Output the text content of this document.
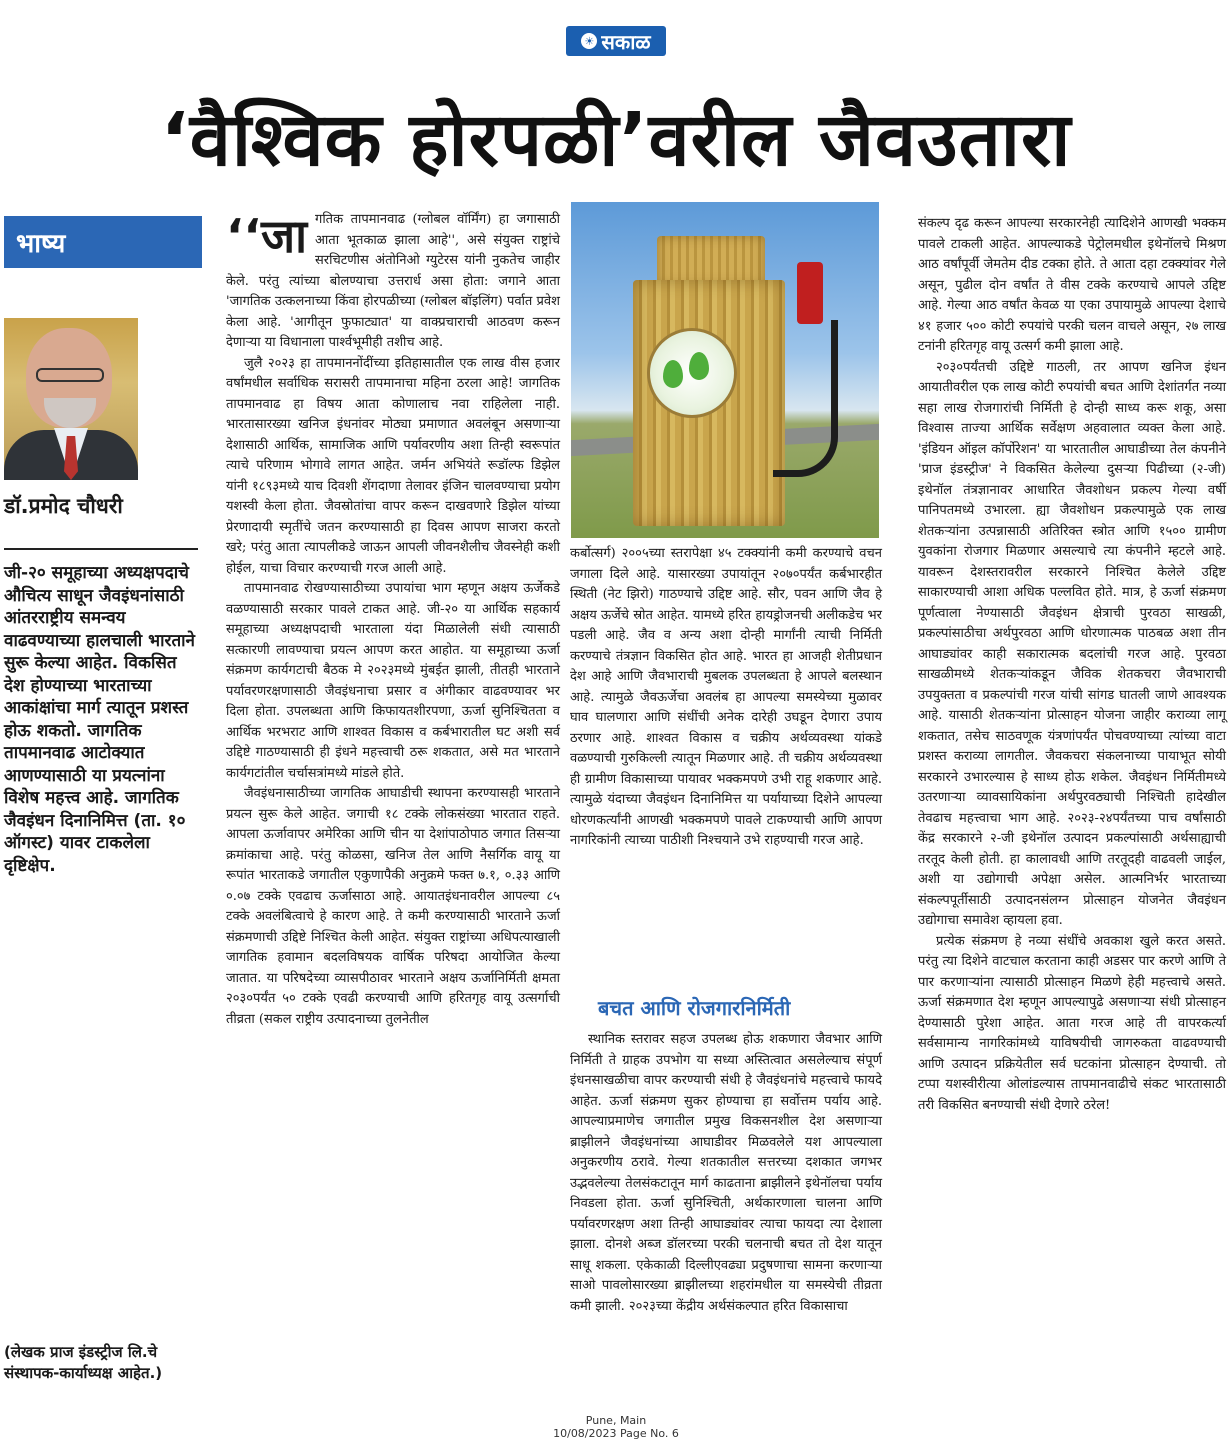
☀ सकाळ
‘वैश्विक होरपळी’वरील जैवउतारा
भाष्य
डॉ.प्रमोद चौधरी
जी-२० समूहाच्या अध्यक्षपदाचे औचित्य साधून जैवइंधनांसाठी आंतरराष्ट्रीय समन्वय वाढवण्याच्या हालचाली भारताने सुरू केल्या आहेत. विकसित देश होण्याच्या भारताच्या आकांक्षांचा मार्ग त्यातून प्रशस्त होऊ शकतो. जागतिक तापमानवाढ आटोक्यात आणण्यासाठी या प्रयत्नांना विशेष महत्त्व आहे. जागतिक जैवइंधन दिनानिमित्त (ता. १० ऑगस्ट) यावर टाकलेला दृष्टिक्षेप.
(लेखक प्राज इंडस्ट्रीज लि.चे संस्थापक-कार्याध्यक्ष आहेत.)

‘‘जा गतिक तापमानवाढ (ग्लोबल वॉर्मिंग) हा जगासाठी आता भूतकाळ झाला आहे'', असे संयुक्त राष्ट्रांचे सरचिटणीस अंतोनिओ ग्युटेरस यांनी नुकतेच जाहीर केले. परंतु त्यांच्या बोलण्याचा उत्तरार्ध असा होता: जगाने आता 'जागतिक उत्कलनाच्या किंवा होरपळीच्या (ग्लोबल बॉइलिंग) पर्वात प्रवेश केला आहे. 'आगीतून फुफाट्यात' या वाक्प्रचाराची आठवण करून देणाऱ्या या विधानाला पार्श्वभूमीही तशीच आहे.

जुलै २०२३ हा तापमाननोंदींच्या इतिहासातील एक लाख वीस हजार वर्षांमधील सर्वाधिक सरासरी तापमानाचा महिना ठरला आहे! जागतिक तापमानवाढ हा विषय आता कोणालाच नवा राहिलेला नाही. भारतासारख्या खनिज इंधनांवर मोठ्या प्रमाणात अवलंबून असणाऱ्या देशासाठी आर्थिक, सामाजिक आणि पर्यावरणीय अशा तिन्ही स्वरूपांत त्याचे परिणाम भोगावे लागत आहेत. जर्मन अभियंते रूडॉल्फ डिझेल यांनी १८९३मध्ये याच दिवशी शेंगदाणा तेलावर इंजिन चालवण्याचा प्रयोग यशस्वी केला होता. जैवस्रोतांचा वापर करून दाखवणारे डिझेल यांच्या प्रेरणादायी स्मृतींचे जतन करण्यासाठी हा दिवस आपण साजरा करतो खरे; परंतु आता त्यापलीकडे जाऊन आपली जीवनशैलीच जैवस्नेही कशी होईल, याचा विचार करण्याची गरज आली आहे.

तापमानवाढ रोखण्यासाठीच्या उपायांचा भाग म्हणून अक्षय ऊर्जेकडे वळण्यासाठी सरकार पावले टाकत आहे. जी-२० या आर्थिक सहकार्य समूहाच्या अध्यक्षपदाची भारताला यंदा मिळालेली संधी त्यासाठी सत्कारणी लावण्याचा प्रयत्न आपण करत आहोत. या समूहाच्या ऊर्जा संक्रमण कार्यगटाची बैठक मे २०२३मध्ये मुंबईत झाली, तीतही भारताने पर्यावरणरक्षणासाठी जैवइंधनाचा प्रसार व अंगीकार वाढवण्यावर भर दिला होता. उपलब्धता आणि किफायतशीरपणा, ऊर्जा सुनिश्चितता व आर्थिक भरभराट आणि शाश्वत विकास व कर्बभारातील घट अशी सर्व उद्दिष्टे गाठण्यासाठी ही इंधने महत्त्वाची ठरू शकतात, असे मत भारताने कार्यगटांतील चर्चासत्रांमध्ये मांडले होते.

जैवइंधनासाठीच्या जागतिक आघाडीची स्थापना करण्यासही भारताने प्रयत्न सुरू केले आहेत. जगाची १८ टक्के लोकसंख्या भारतात राहते. आपला ऊर्जावापर अमेरिका आणि चीन या देशांपाठोपाठ जगात तिसऱ्या क्रमांकाचा आहे. परंतु कोळसा, खनिज तेल आणि नैसर्गिक वायू या रूपांत भारताकडे जगातील एकुणापैकी अनुक्रमे फक्त ७.१, ०.३३ आणि ०.०७ टक्के एवढाच ऊर्जासाठा आहे. आयातइंधनावरील आपल्या ८५ टक्के अवलंबित्वाचे हे कारण आहे. ते कमी करण्यासाठी भारताने ऊर्जा संक्रमणाची उद्दिष्टे निश्चित केली आहेत. संयुक्त राष्ट्रांच्या अधिपत्याखाली जागतिक हवामान बदलविषयक वार्षिक परिषदा आयोजित केल्या जातात. या परिषदेच्या व्यासपीठावर भारताने अक्षय ऊर्जानिर्मिती क्षमता २०३०पर्यंत ५० टक्के एवढी करण्याची आणि हरितगृह वायू उत्सर्गाची तीव्रता (सकल राष्ट्रीय उत्पादनाच्या तुलनेतील

कर्बोत्सर्ग) २००५च्या स्तरापेक्षा ४५ टक्क्यांनी कमी करण्याचे वचन जगाला दिले आहे. यासारख्या उपायांतून २०७०पर्यंत कर्बभारहीत स्थिती (नेट झिरो) गाठण्याचे उद्दिष्ट आहे. सौर, पवन आणि जैव हे अक्षय ऊर्जेचे स्रोत आहेत. यामध्ये हरित हायड्रोजनची अलीकडेच भर पडली आहे. जैव व अन्य अशा दोन्ही मार्गांनी त्याची निर्मिती करण्याचे तंत्रज्ञान विकसित होत आहे. भारत हा आजही शेतीप्रधान देश आहे आणि जैवभाराची मुबलक उपलब्धता हे आपले बलस्थान आहे. त्यामुळे जैवऊर्जेचा अवलंब हा आपल्या समस्येच्या मुळावर घाव घालणारा आणि संधींची अनेक दारेही उघडून देणारा उपाय ठरणार आहे. शाश्वत विकास व चक्रीय अर्थव्यवस्था यांकडे वळण्याची गुरुकिल्ली त्यातून मिळणार आहे. ती चक्रीय अर्थव्यवस्था ही ग्रामीण विकासाच्या पायावर भक्कमपणे उभी राहू शकणार आहे. त्यामुळे यंदाच्या जैवइंधन दिनानिमित्त या पर्यायाच्या दिशेने आपल्या धोरणकर्त्यांनी आणखी भक्कमपणे पावले टाकण्याची आणि आपण नागरिकांनी त्याच्या पाठीशी निश्चयाने उभे राहण्याची गरज आहे.

बचत आणि रोजगारनिर्मिती

स्थानिक स्तरावर सहज उपलब्ध होऊ शकणारा जैवभार आणि निर्मिती ते ग्राहक उपभोग या सध्या अस्तित्वात असलेल्याच संपूर्ण इंधनसाखळीचा वापर करण्याची संधी हे जैवइंधनांचे महत्त्वाचे फायदे आहेत. ऊर्जा संक्रमण सुकर होण्याचा हा सर्वोत्तम पर्याय आहे. आपल्याप्रमाणेच जगातील प्रमुख विकसनशील देश असणाऱ्या ब्राझीलने जैवइंधनांच्या आघाडीवर मिळवलेले यश आपल्याला अनुकरणीय ठरावे. गेल्या शतकातील सत्तरच्या दशकात जगभर उद्भवलेल्या तेलसंकटातून मार्ग काढताना ब्राझीलने इथेनॉलचा पर्याय निवडला होता. ऊर्जा सुनिश्चिती, अर्थकारणाला चालना आणि पर्यावरणरक्षण अशा तिन्ही आघाड्यांवर त्याचा फायदा त्या देशाला झाला. दोनशे अब्ज डॉलरच्या परकी चलनाची बचत तो देश यातून साधू शकला. एकेकाळी दिल्लीएवढ्या प्रदुषणाचा सामना करणाऱ्या साओ पावलोसारख्या ब्राझीलच्या शहरांमधील या समस्येची तीव्रता कमी झाली. २०२३च्या केंद्रीय अर्थसंकल्पात हरित विकासाचा

संकल्प दृढ करून आपल्या सरकारनेही त्यादिशेने आणखी भक्कम पावले टाकली आहेत. आपल्याकडे पेट्रोलमधील इथेनॉलचे मिश्रण आठ वर्षांपूर्वी जेमतेम दीड टक्का होते. ते आता दहा टक्क्यांवर गेले असून, पुढील दोन वर्षांत ते वीस टक्के करण्याचे आपले उद्दिष्ट आहे. गेल्या आठ वर्षांत केवळ या एका उपायामुळे आपल्या देशाचे ४१ हजार ५०० कोटी रुपयांचे परकी चलन वाचले असून, २७ लाख टनांनी हरितगृह वायू उत्सर्ग कमी झाला आहे.

२०३०पर्यंतची उद्दिष्टे गाठली, तर आपण खनिज इंधन आयातीवरील एक लाख कोटी रुपयांची बचत आणि देशांतर्गत नव्या सहा लाख रोजगारांची निर्मिती हे दोन्ही साध्य करू शकू, असा विश्वास ताज्या आर्थिक सर्वेक्षण अहवालात व्यक्त केला आहे. 'इंडियन ऑइल कॉर्पोरेशन' या भारतातील आघाडीच्या तेल कंपनीने 'प्राज इंडस्ट्रीज' ने विकसित केलेल्या दुसऱ्या पिढीच्या (२-जी) इथेनॉल तंत्रज्ञानावर आधारित जैवशोधन प्रकल्प गेल्या वर्षी पानिपतमध्ये उभारला. ह्या जैवशोधन प्रकल्पामुळे एक लाख शेतकऱ्यांना उत्पन्नासाठी अतिरिक्त स्त्रोत आणि १५०० ग्रामीण युवकांना रोजगार मिळणार असल्याचे त्या कंपनीने म्हटले आहे. यावरून देशस्तरावरील सरकारने निश्चित केलेले उद्दिष्ट साकारण्याची आशा अधिक पल्लवित होते. मात्र, हे ऊर्जा संक्रमण पूर्णत्वाला नेण्यासाठी जैवइंधन क्षेत्राची पुरवठा साखळी, प्रकल्पांसाठीचा अर्थपुरवठा आणि धोरणात्मक पाठबळ अशा तीन आघाड्यांवर काही सकारात्मक बदलांची गरज आहे. पुरवठा साखळीमध्ये शेतकऱ्यांकडून जैविक शेतकचरा जैवभाराची उपयुक्तता व प्रकल्पांची गरज यांची सांगड घातली जाणे आवश्यक आहे. यासाठी शेतकऱ्यांना प्रोत्साहन योजना जाहीर कराव्या लागू शकतात, तसेच साठवणूक यंत्रणांपर्यंत पोचवण्याच्या त्यांच्या वाटा प्रशस्त कराव्या लागतील. जैवकचरा संकलनाच्या पायाभूत सोयी सरकारने उभारल्यास हे साध्य होऊ शकेल. जैवइंधन निर्मितीमध्ये उतरणाऱ्या व्यावसायिकांना अर्थपुरवठ्याची निश्चिती हादेखील तेवढाच महत्त्वाचा भाग आहे. २०२३-२४पर्यंतच्या पाच वर्षांसाठी केंद्र सरकारने २-जी इथेनॉल उत्पादन प्रकल्पांसाठी अर्थसाह्याची तरतूद केली होती. हा कालावधी आणि तरतूदही वाढवली जाईल, अशी या उद्योगाची अपेक्षा असेल. आत्मनिर्भर भारताच्या संकल्पपूर्तीसाठी उत्पादनसंलग्न प्रोत्साहन योजनेत जैवइंधन उद्योगाचा समावेश व्हायला हवा.

प्रत्येक संक्रमण हे नव्या संधींचे अवकाश खुले करत असते. परंतु त्या दिशेने वाटचाल करताना काही अडसर पार करणे आणि ते पार करणाऱ्यांना त्यासाठी प्रोत्साहन मिळणे हेही महत्त्वाचे असते. ऊर्जा संक्रमणात देश म्हणून आपल्यापुढे असणाऱ्या संधी प्रोत्साहन देण्यासाठी पुरेशा आहेत. आता गरज आहे ती वापरकर्त्या सर्वसामान्य नागरिकांमध्ये याविषयीची जागरुकता वाढवण्याची आणि उत्पादन प्रक्रियेतील सर्व घटकांना प्रोत्साहन देण्याची. तो टप्पा यशस्वीरीत्या ओलांडल्यास तापमानवाढीचे संकट भारतासाठी तरी विकसित बनण्याची संधी देणारे ठरेल!

Pune, Main
10/08/2023 Page No. 6
